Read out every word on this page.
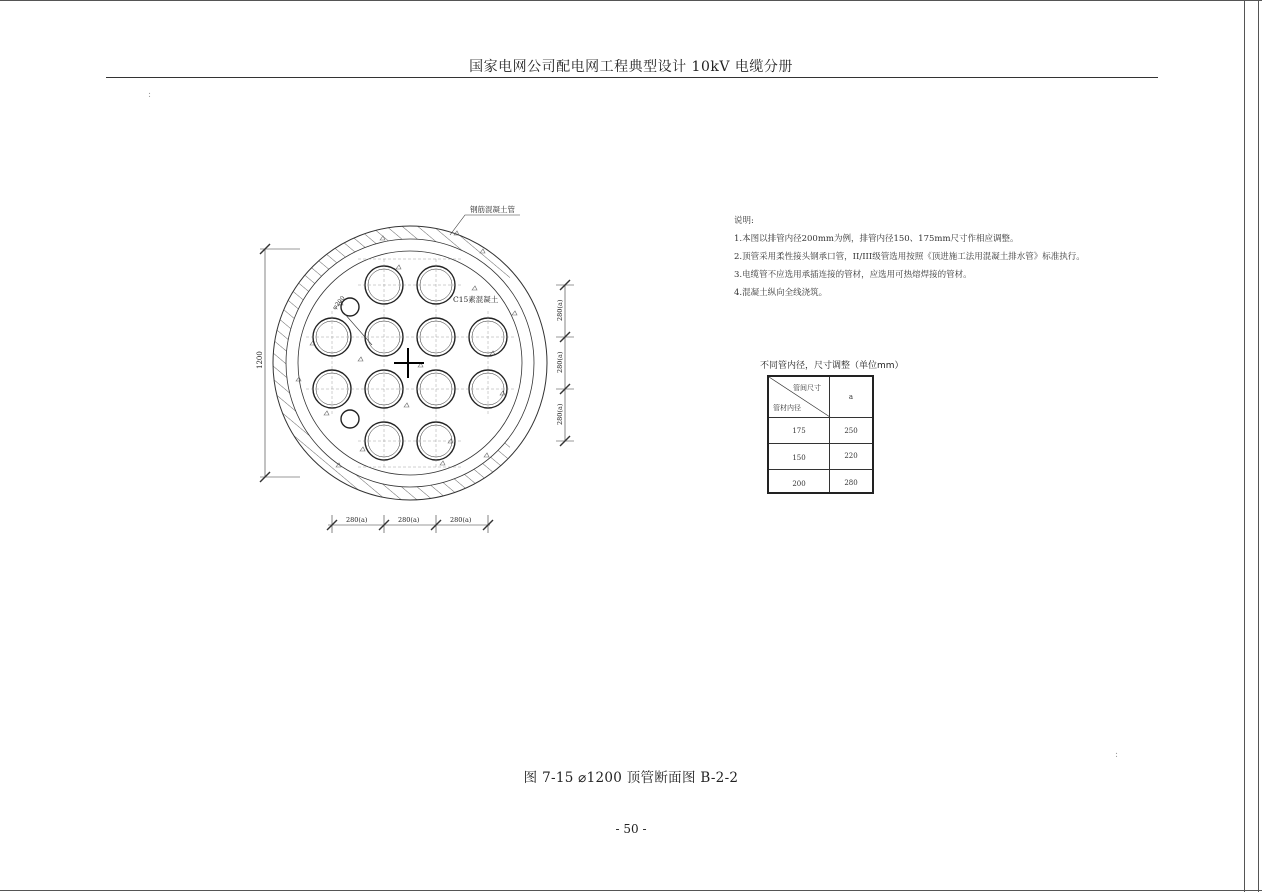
国家电网公司配电网工程典型设计 10kV 电缆分册
:
:
φ200
钢筋混凝土管
C15素混凝土
1200
280(a)
280(a)
280(a)
280(a)	280(a)	280(a)
说明:
1.本图以排管内径200mm为例，排管内径150、175mm尺寸作相应调整。
2.顶管采用柔性接头钢承口管，II/III级管选用按照《顶进施工法用混凝土排水管》标准执行。
3.电缆管不应选用承插连接的管材，应选用可热熔焊接的管材。
4.混凝土纵向全线浇筑。
不同管内径，尺寸调整（单位mm）
管间尺寸
管材内径
a
175	250
150	220
200	280
图 7-15 ⌀1200 顶管断面图 B-2-2
- 50 -
